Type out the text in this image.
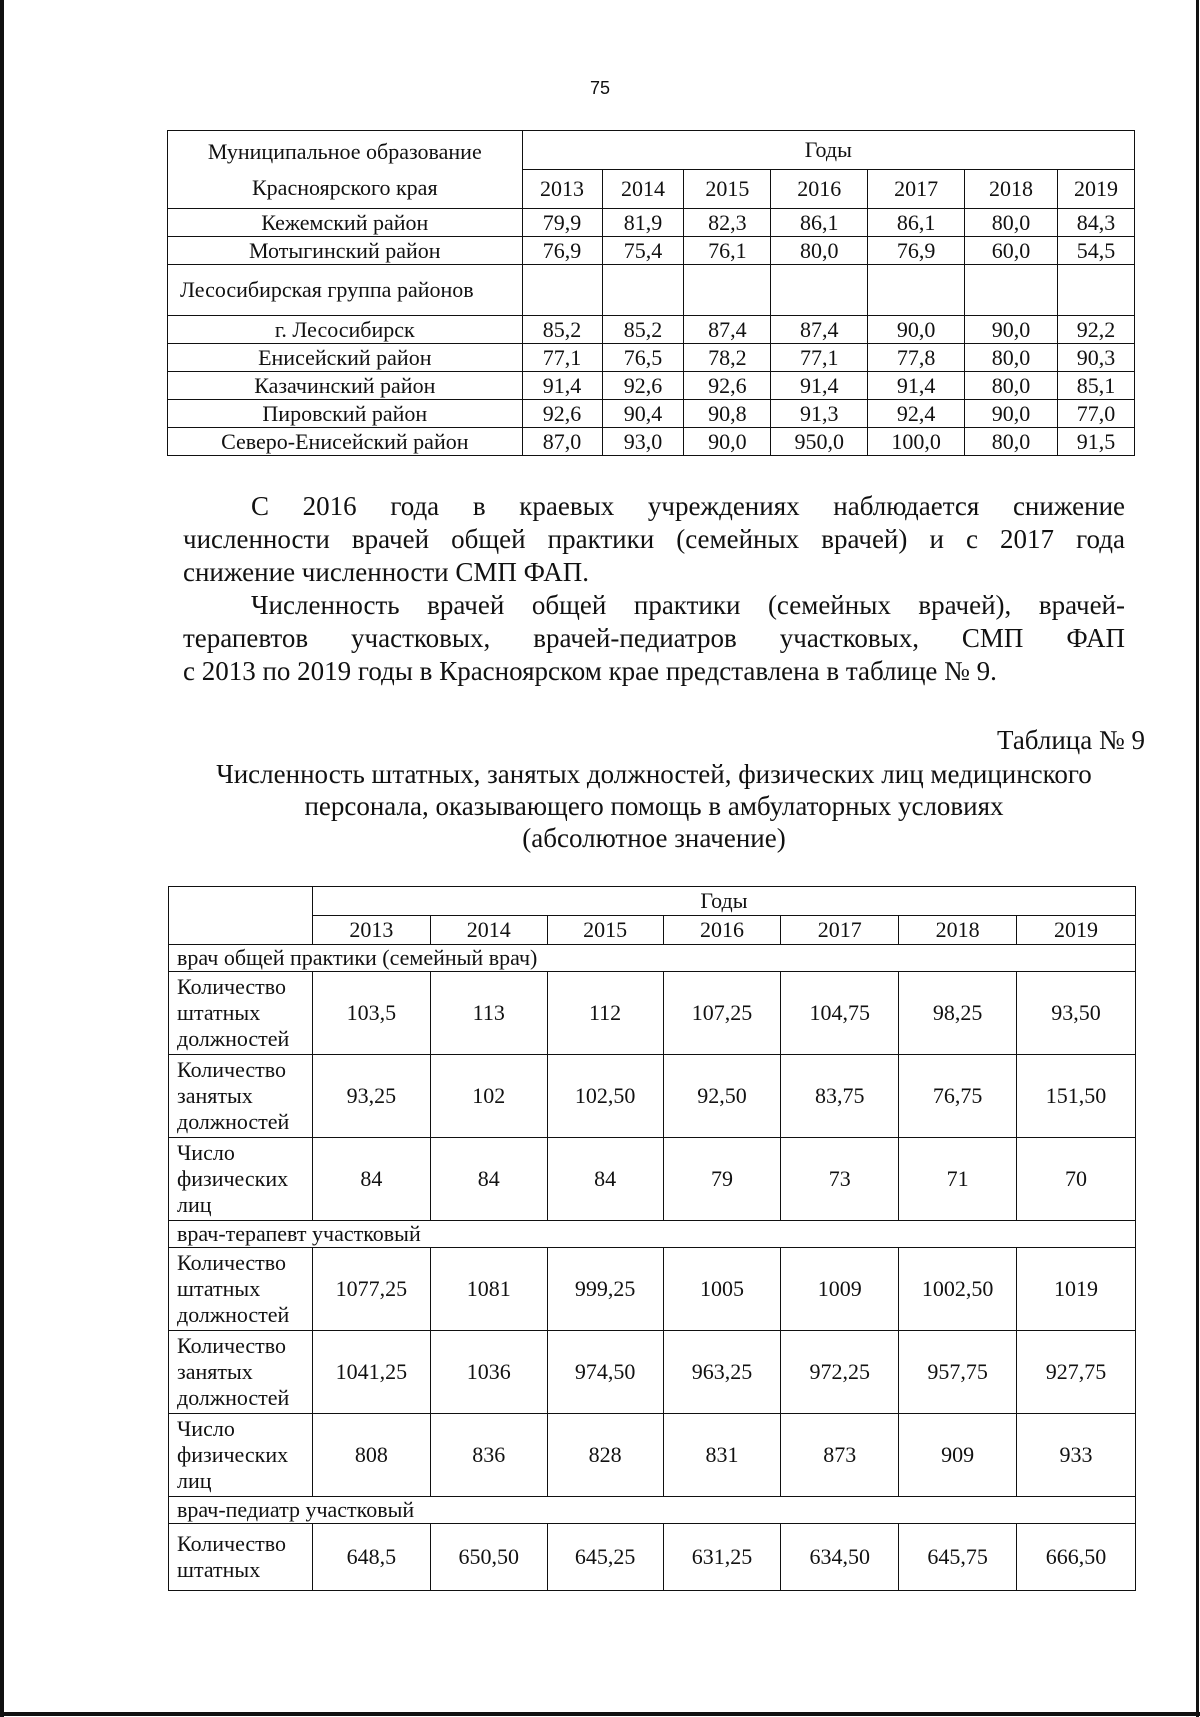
75
Муниципальное образование
Красноярского края	Годы						
	2013	2014	2015	2016	2017	2018	2019
Кежемский район	79,9	81,9	82,3	86,1	86,1	80,0	84,3
Мотыгинский район	76,9	75,4	76,1	80,0	76,9	60,0	54,5
Лесосибирская группа районов							
г. Лесосибирск	85,2	85,2	87,4	87,4	90,0	90,0	92,2
Енисейский район	77,1	76,5	78,2	77,1	77,8	80,0	90,3
Казачинский район	91,4	92,6	92,6	91,4	91,4	80,0	85,1
Пировский район	92,6	90,4	90,8	91,3	92,4	90,0	77,0
Северо-Енисейский район	87,0	93,0	90,0	950,0	100,0	80,0	91,5
С 2016 года в краевых учреждениях наблюдается снижение
численности врачей общей практики (семейных врачей) и с 2017 года
снижение численности СМП ФАП.
Численность врачей общей практики (семейных врачей), врачей-
терапевтов участковых, врачей-педиатров участковых, СМП ФАП
с 2013 по 2019 годы в Красноярском крае представлена в таблице № 9.
Таблица № 9
Численность штатных, занятых должностей, физических лиц медицинского
персонала, оказывающего помощь в амбулаторных условиях
(абсолютное значение)
	Годы						
	2013	2014	2015	2016	2017	2018	2019
врач общей практики (семейный врач)							
Количество
штатных
должностей	103,5	113	112	107,25	104,75	98,25	93,50
Количество
занятых
должностей	93,25	102	102,50	92,50	83,75	76,75	151,50
Число
физических
лиц	84	84	84	79	73	71	70
врач-терапевт участковый							
Количество
штатных
должностей	1077,25	1081	999,25	1005	1009	1002,50	1019
Количество
занятых
должностей	1041,25	1036	974,50	963,25	972,25	957,75	927,75
Число
физических
лиц	808	836	828	831	873	909	933
врач-педиатр участковый							
Количество
штатных	648,5	650,50	645,25	631,25	634,50	645,75	666,50
